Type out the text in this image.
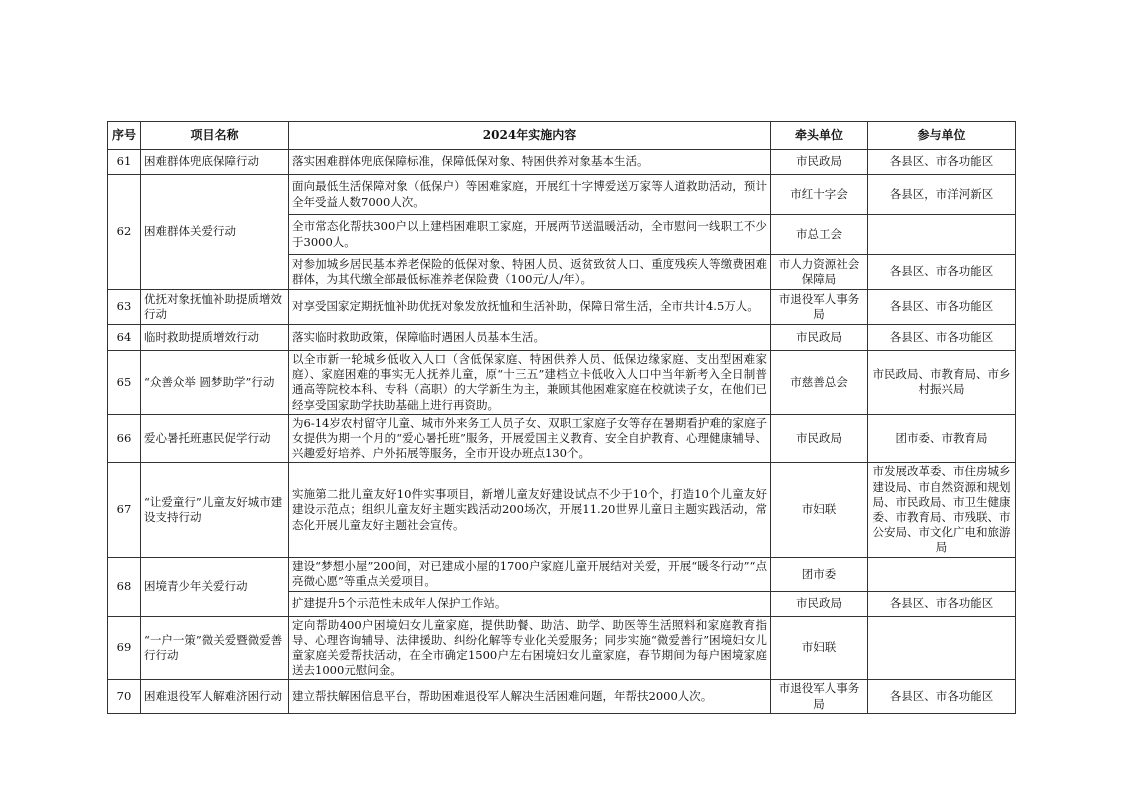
序号	项目名称	2024年实施内容	牵头单位	参与单位
61	困难群体兜底保障行动	落实困难群体兜底保障标准，保障低保对象、特困供养对象基本生活。	市民政局	各县区、市各功能区
62	困难群体关爱行动	面向最低生活保障对象（低保户）等困难家庭，开展红十字博爱送万家等人道救助活动，预计全年受益人数7000人次。	市红十字会	各县区，市洋河新区
		全市常态化帮扶300户以上建档困难职工家庭，开展两节送温暖活动，全市慰问一线职工不少于3000人。	市总工会	
		对参加城乡居民基本养老保险的低保对象、特困人员、返贫致贫人口、重度残疾人等缴费困难群体，为其代缴全部最低标准养老保险费（100元/人/年）。	市人力资源社会保障局	各县区、市各功能区
63	优抚对象抚恤补助提质增效行动	对享受国家定期抚恤补助优抚对象发放抚恤和生活补助，保障日常生活，全市共计4.5万人。	市退役军人事务局	各县区、市各功能区
64	临时救助提质增效行动	落实临时救助政策，保障临时遇困人员基本生活。	市民政局	各县区、市各功能区
65	“众善众举 圆梦助学”行动	以全市新一轮城乡低收入人口（含低保家庭、特困供养人员、低保边缘家庭、支出型困难家庭）、家庭困难的事实无人抚养儿童，原“十三五”建档立卡低收入人口中当年新考入全日制普通高等院校本科、专科（高职）的大学新生为主，兼顾其他困难家庭在校就读子女，在他们已经享受国家助学扶助基础上进行再资助。	市慈善总会	市民政局、市教育局、市乡村振兴局
66	爱心暑托班惠民促学行动	为6-14岁农村留守儿童、城市外来务工人员子女、双职工家庭子女等存在暑期看护难的家庭子女提供为期一个月的“爱心暑托班”服务，开展爱国主义教育、安全自护教育、心理健康辅导、兴趣爱好培养、户外拓展等服务，全市开设办班点130个。	市民政局	团市委、市教育局
67	“让爱童行”儿童友好城市建设支持行动	实施第二批儿童友好10件实事项目，新增儿童友好建设试点不少于10个，打造10个儿童友好建设示范点；组织儿童友好主题实践活动200场次，开展11.20世界儿童日主题实践活动，常态化开展儿童友好主题社会宣传。	市妇联	市发展改革委、市住房城乡建设局、市自然资源和规划局、市民政局、市卫生健康委、市教育局、市残联、市公安局、市文化广电和旅游局
68	困境青少年关爱行动	建设“梦想小屋”200间，对已建成小屋的1700户家庭儿童开展结对关爱，开展“暖冬行动”“点亮微心愿”等重点关爱项目。	团市委	
		扩建提升5个示范性未成年人保护工作站。	市民政局	各县区、市各功能区
69	“一户一策”微关爱暨微爱善行行动	定向帮助400户困境妇女儿童家庭，提供助餐、助洁、助学、助医等生活照料和家庭教育指导、心理咨询辅导、法律援助、纠纷化解等专业化关爱服务；同步实施“微爱善行”困境妇女儿童家庭关爱帮扶活动，在全市确定1500户左右困境妇女儿童家庭，春节期间为每户困境家庭送去1000元慰问金。	市妇联	
70	困难退役军人解难济困行动	建立帮扶解困信息平台，帮助困难退役军人解决生活困难问题，年帮扶2000人次。	市退役军人事务局	各县区、市各功能区
